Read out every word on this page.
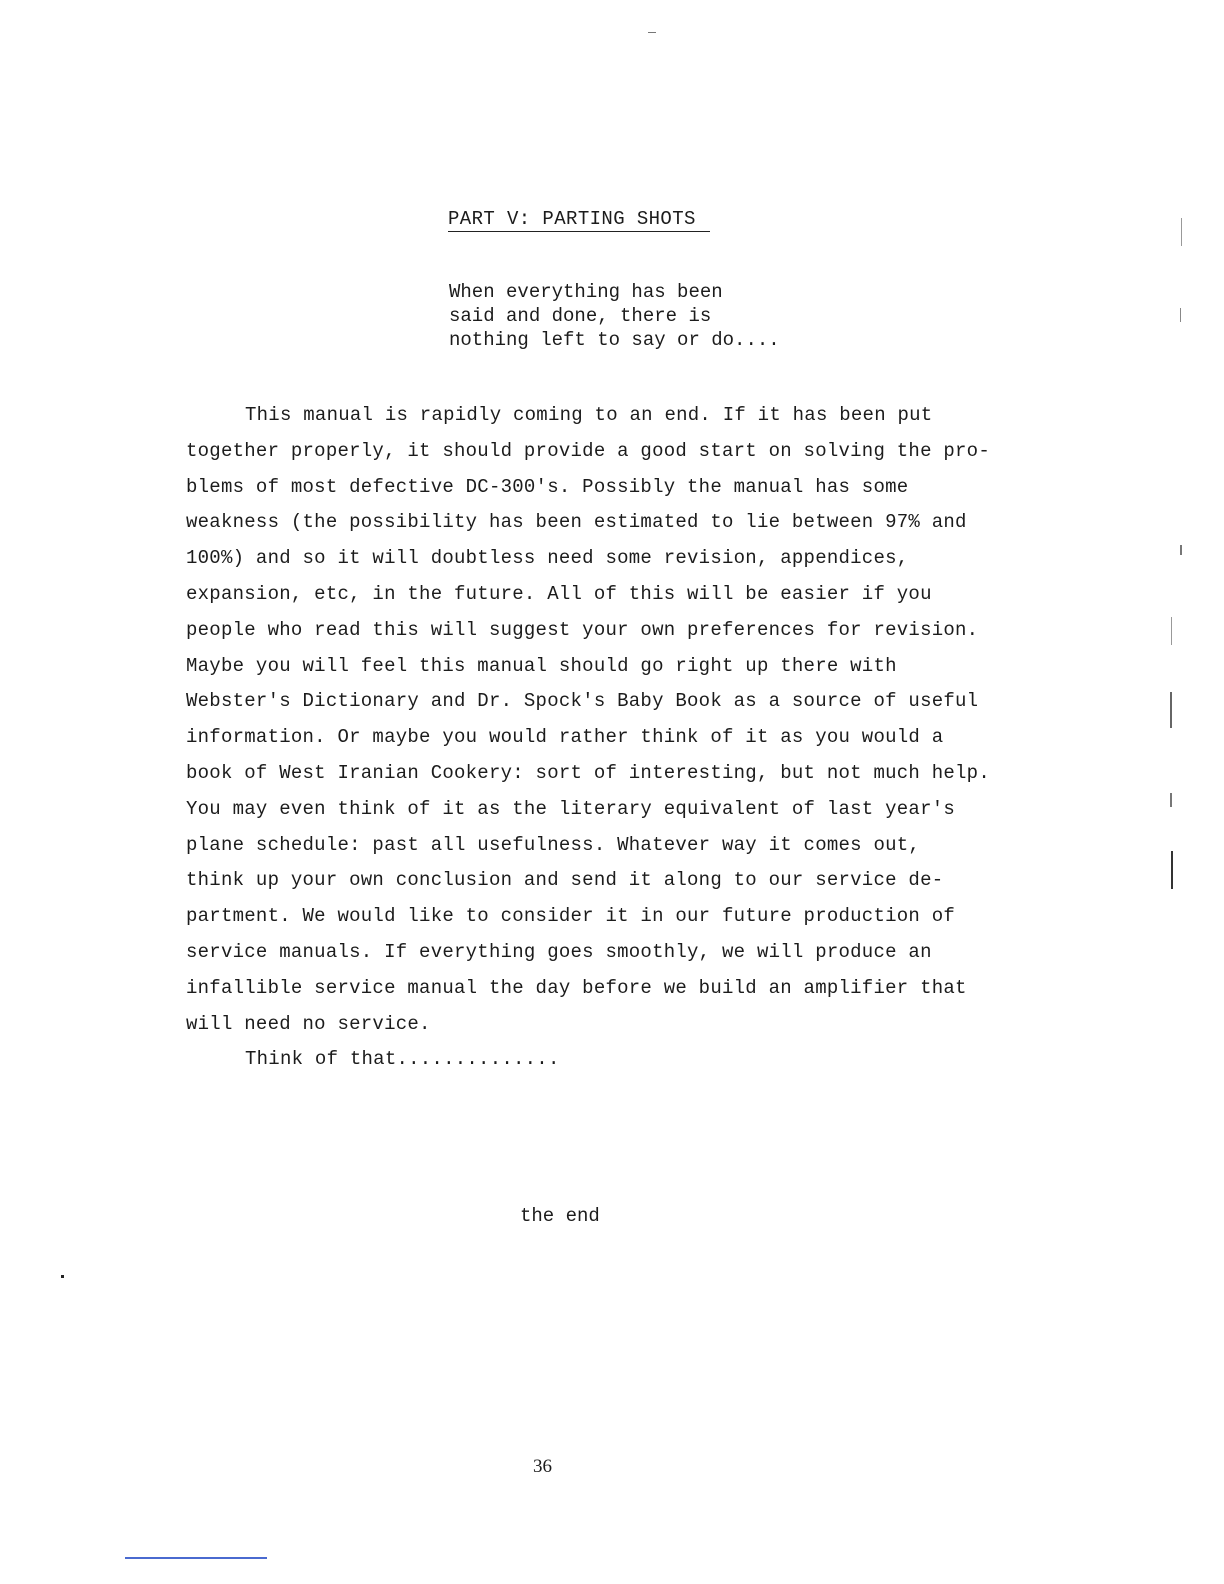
PART V: PARTING SHOTS
When everything has been
said and done, there is
nothing left to say or do....
This manual is rapidly coming to an end. If it has been put
together properly, it should provide a good start on solving the pro-
blems of most defective DC-300's. Possibly the manual has some
weakness (the possibility has been estimated to lie between 97% and
100%) and so it will doubtless need some revision, appendices,
expansion, etc, in the future. All of this will be easier if you
people who read this will suggest your own preferences for revision.
Maybe you will feel this manual should go right up there with
Webster's Dictionary and Dr. Spock's Baby Book as a source of useful
information. Or maybe you would rather think of it as you would a
book of West Iranian Cookery: sort of interesting, but not much help.
You may even think of it as the literary equivalent of last year's
plane schedule: past all usefulness. Whatever way it comes out,
think up your own conclusion and send it along to our service de-
partment. We would like to consider it in our future production of
service manuals. If everything goes smoothly, we will produce an
infallible service manual the day before we build an amplifier that
will need no service.
Think of that..............
the end
36
